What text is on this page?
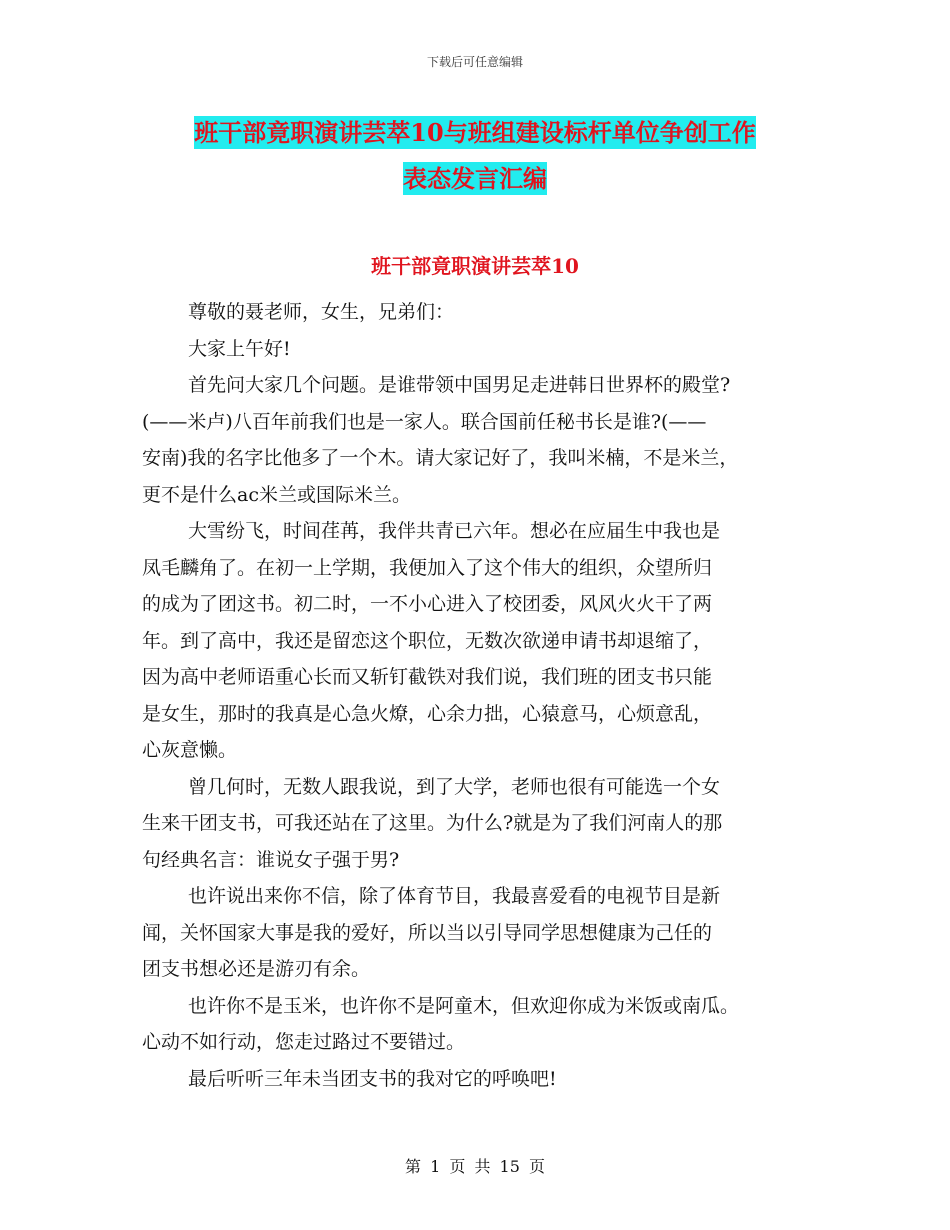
下载后可任意编辑
班干部竟职演讲芸萃10与班组建设标杆单位争创工作
表态发言汇编
班干部竟职演讲芸萃10

尊敬的聂老师，女生，兄弟们：

大家上午好!

首先问大家几个问题。是谁带领中国男足走进韩日世界杯的殿堂?
(——米卢)八百年前我们也是一家人。联合国前任秘书长是谁?(——
安南)我的名字比他多了一个木。请大家记好了，我叫米楠，不是米兰，
更不是什么ac米兰或国际米兰。

大雪纷飞，时间荏苒，我伴共青已六年。想必在应届生中我也是
凤毛麟角了。在初一上学期，我便加入了这个伟大的组织，众望所归
的成为了团这书。初二时，一不小心进入了校团委，风风火火干了两
年。到了高中，我还是留恋这个职位，无数次欲递申请书却退缩了，
因为高中老师语重心长而又斩钉截铁对我们说，我们班的团支书只能
是女生，那时的我真是心急火燎，心余力拙，心猿意马，心烦意乱，
心灰意懒。

曾几何时，无数人跟我说，到了大学，老师也很有可能选一个女
生来干团支书，可我还站在了这里。为什么?就是为了我们河南人的那
句经典名言：谁说女子强于男?

也许说出来你不信，除了体育节目，我最喜爱看的电视节目是新
闻，关怀国家大事是我的爱好，所以当以引导同学思想健康为己任的
团支书想必还是游刃有余。

也许你不是玉米，也许你不是阿童木，但欢迎你成为米饭或南瓜。
心动不如行动，您走过路过不要错过。

最后听听三年未当团支书的我对它的呼唤吧!

第 1 页 共 15 页
